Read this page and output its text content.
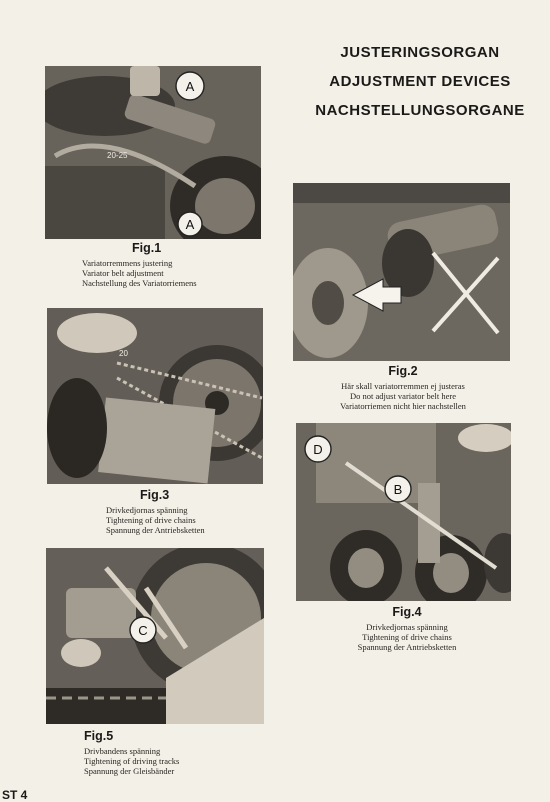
JUSTERINGSORGAN
ADJUSTMENT DEVICES
NACHSTELLUNGSORGANE
A
A
20-25
Fig.1
Variatorremmens justering
Variator belt adjustment
Nachstellung des Variatorriemens
Fig.2
Här skall variatorremmen ej justeras
Do not adjust variator belt here
Variatorriemen nicht hier nachstellen
20
Fig.3
Drivkedjornas spänning
Tightening of drive chains
Spannung der Antriebsketten
D
B
Fig.4
Drivkedjornas spänning
Tightening of drive chains
Spannung der Antriebsketten
C
Fig.5
Drivbandens spänning
Tightening of driving tracks
Spannung der Gleisbänder
ST 4
